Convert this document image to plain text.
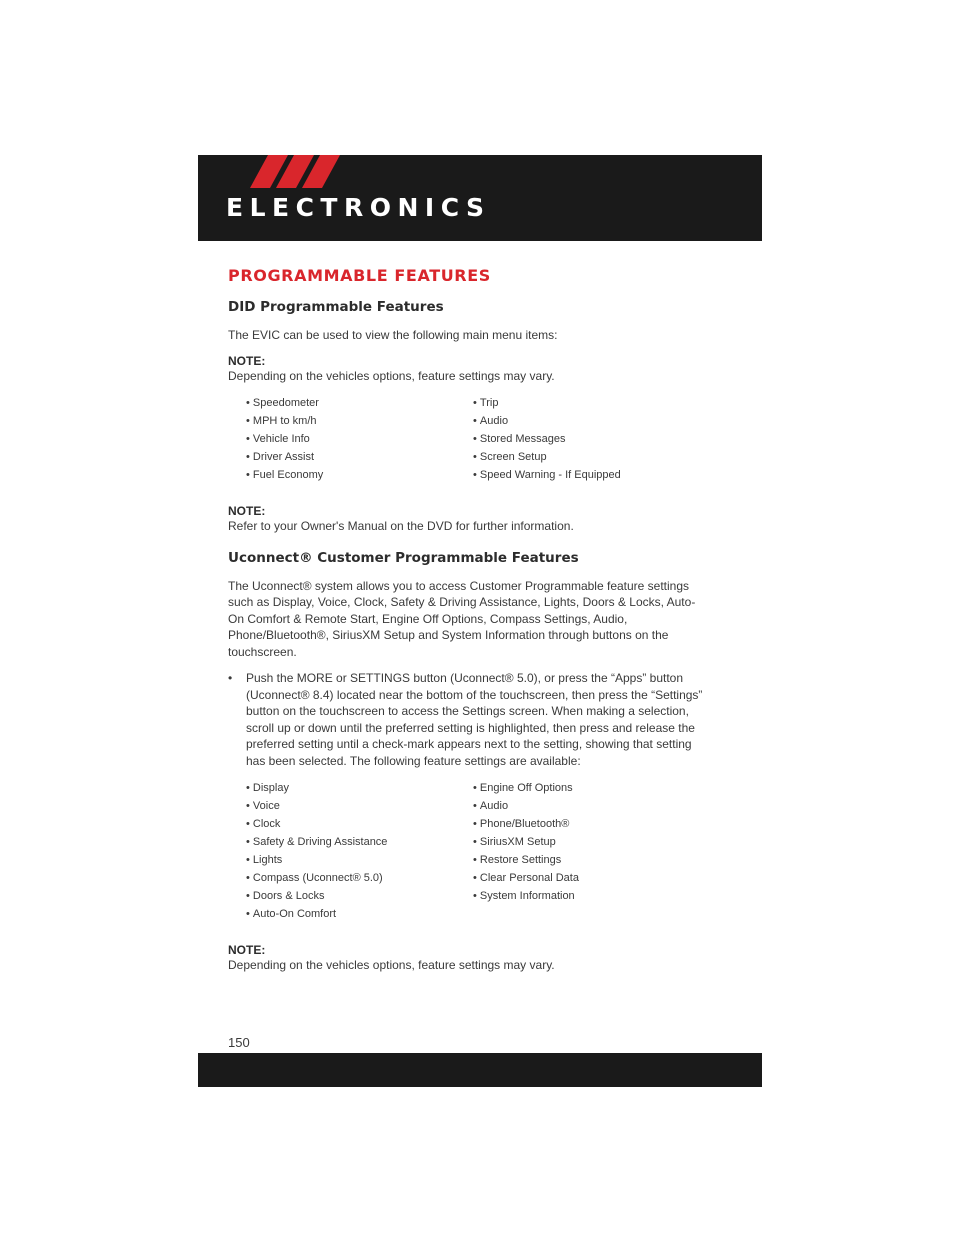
ELECTRONICS
PROGRAMMABLE FEATURES
DID Programmable Features
The EVIC can be used to view the following main menu items:
NOTE:
Depending on the vehicles options, feature settings may vary.
• Speedometer	• Trip
• MPH to km/h	• Audio
• Vehicle Info	• Stored Messages
• Driver Assist	• Screen Setup
• Fuel Economy	• Speed Warning - If Equipped
NOTE:
Refer to your Owner's Manual on the DVD for further information.
Uconnect® Customer Programmable Features
The Uconnect® system allows you to access Customer Programmable feature settings such as Display, Voice, Clock, Safety & Driving Assistance, Lights, Doors & Locks, Auto-On Comfort & Remote Start, Engine Off Options, Compass Settings, Audio, Phone/Bluetooth®, SiriusXM Setup and System Information through buttons on the touchscreen.
•	Push the MORE or SETTINGS button (Uconnect® 5.0), or press the “Apps” button (Uconnect® 8.4) located near the bottom of the touchscreen, then press the “Settings” button on the touchscreen to access the Settings screen. When making a selection, scroll up or down until the preferred setting is highlighted, then press and release the preferred setting until a check-mark appears next to the setting, showing that setting has been selected. The following feature settings are available:
• Display	• Engine Off Options
• Voice	• Audio
• Clock	• Phone/Bluetooth®
• Safety & Driving Assistance	• SiriusXM Setup
• Lights	• Restore Settings
• Compass (Uconnect® 5.0)	• Clear Personal Data
• Doors & Locks	• System Information
• Auto-On Comfort
NOTE:
Depending on the vehicles options, feature settings may vary.
150
